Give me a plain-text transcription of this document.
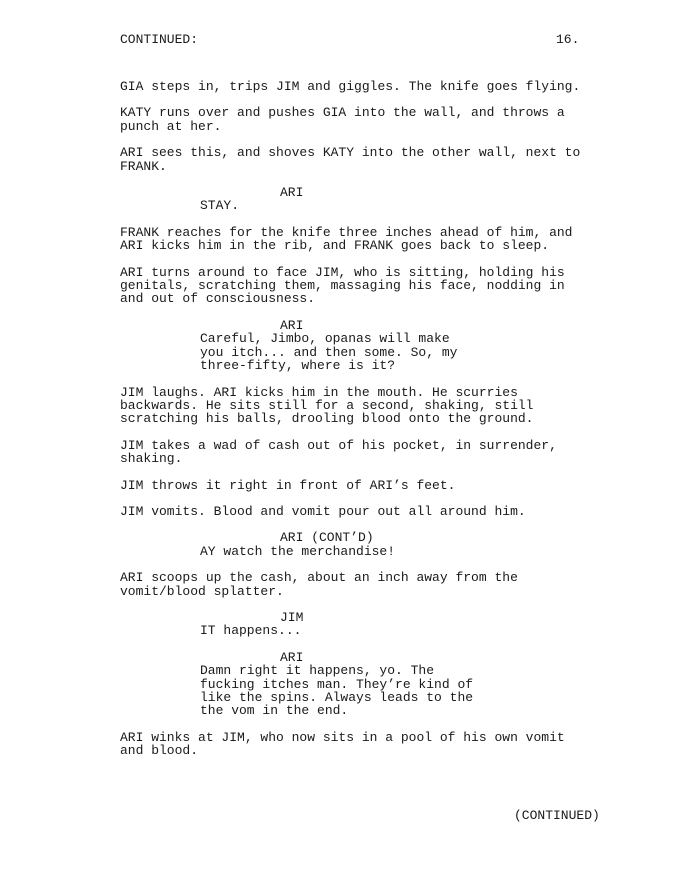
CONTINUED:	16.

GIA steps in, trips JIM and giggles. The knife goes flying.

KATY runs over and pushes GIA into the wall, and throws a
punch at her.

ARI sees this, and shoves KATY into the other wall, next to
FRANK.

ARI
STAY.

FRANK reaches for the knife three inches ahead of him, and
ARI kicks him in the rib, and FRANK goes back to sleep.

ARI turns around to face JIM, who is sitting, holding his
genitals, scratching them, massaging his face, nodding in
and out of consciousness.

ARI
Careful, Jimbo, opanas will make
you itch... and then some. So, my
three-fifty, where is it?

JIM laughs. ARI kicks him in the mouth. He scurries
backwards. He sits still for a second, shaking, still
scratching his balls, drooling blood onto the ground.

JIM takes a wad of cash out of his pocket, in surrender,
shaking.

JIM throws it right in front of ARI’s feet.

JIM vomits. Blood and vomit pour out all around him.

ARI (CONT’D)
AY watch the merchandise!

ARI scoops up the cash, about an inch away from the
vomit/blood splatter.

JIM
IT happens...
ARI
Damn right it happens, yo. The
fucking itches man. They’re kind of
like the spins. Always leads to the
the vom in the end.

ARI winks at JIM, who now sits in a pool of his own vomit
and blood.

(CONTINUED)
